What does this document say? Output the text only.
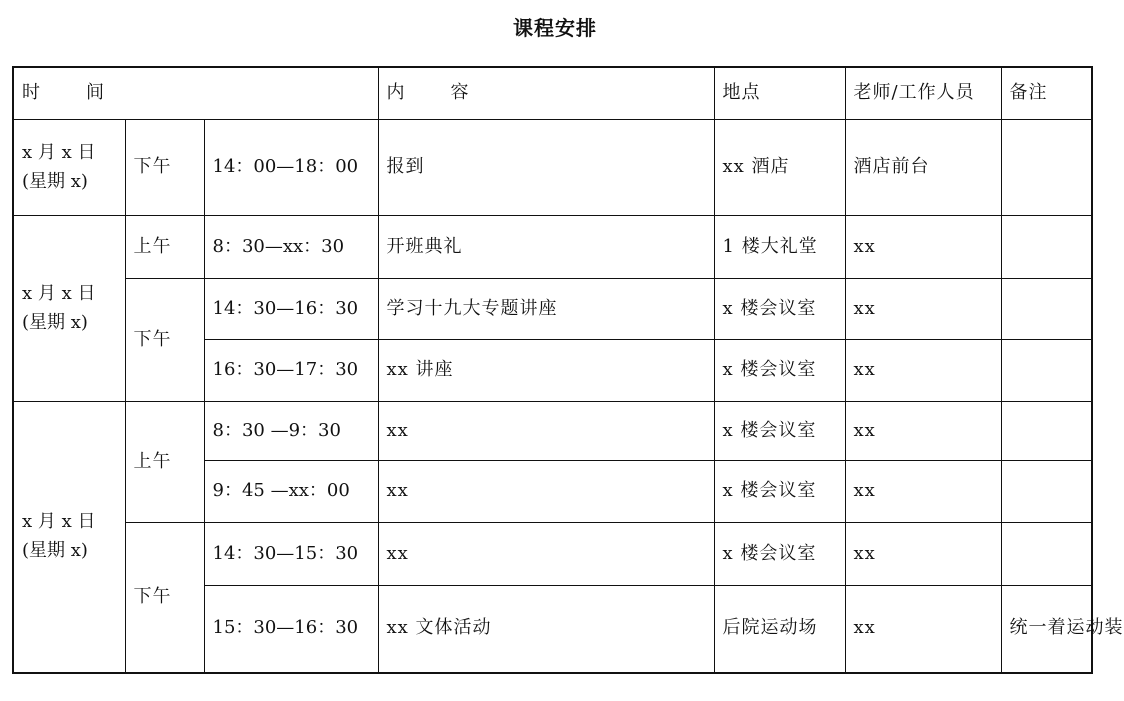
课程安排
时 间			内 容	地点	老师/工作人员	备注

x 月 x 日
(星期 x)	下午	14：00—18：00	报到	xx 酒店	酒店前台	

x 月 x 日
(星期 x)	上午	8：30—xx：30	开班典礼	1 楼大礼堂	xx	
	下午	14：30—16：30	学习十九大专题讲座	x 楼会议室	xx	
		16：30—17：30	xx 讲座	x 楼会议室	xx	

x 月 x 日
(星期 x)	上午	8：30 —9：30	xx	x 楼会议室	xx	
		9：45 —xx：00	xx	x 楼会议室	xx	
	下午	14：30—15：30	xx	x 楼会议室	xx	
		15：30—16：30	xx 文体活动	后院运动场	xx	统一着运动装
